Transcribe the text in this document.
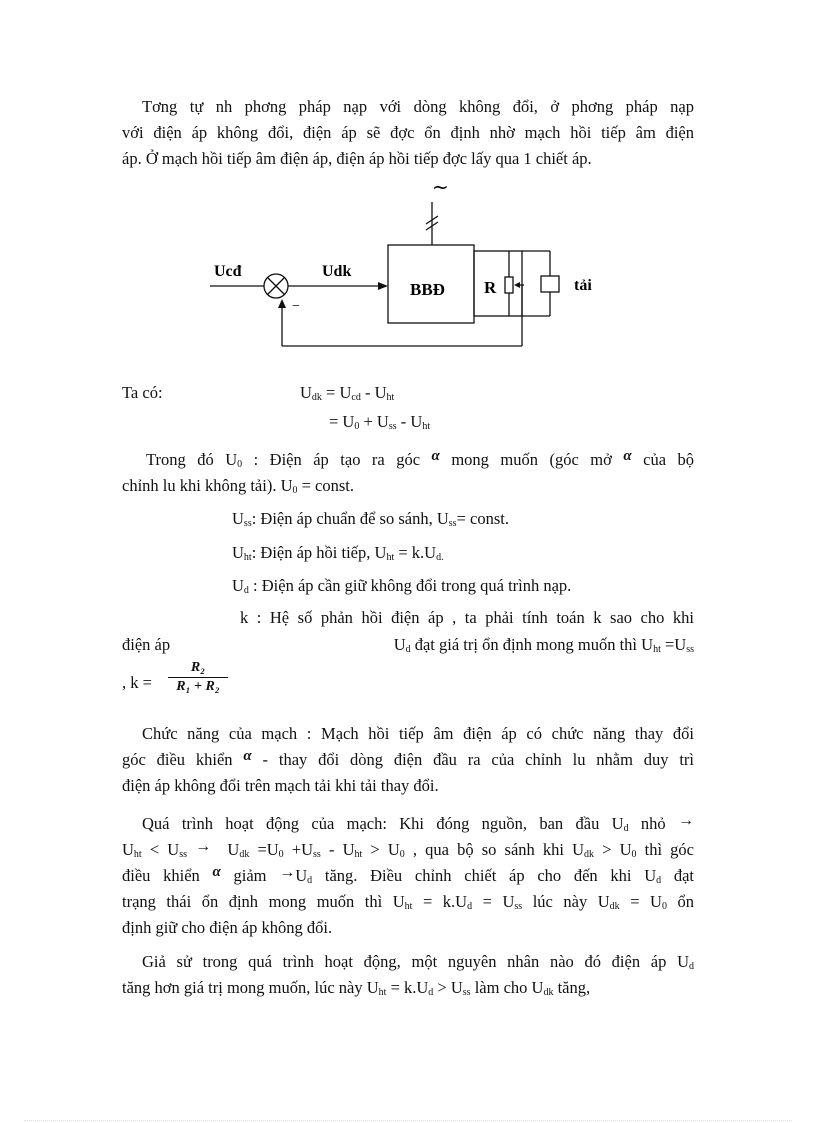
Tơng tự nh phơng pháp nạp với dòng không đổi, ở phơng pháp nạp
với điện áp không đổi, điện áp sẽ đợc ổn định nhờ mạch hồi tiếp âm điện
áp. Ở mạch hồi tiếp âm điện áp, điện áp hồi tiếp đợc lấy qua 1 chiết áp.
~
Ucđ
−
Udk
BBĐ R	tải
Ta có:	$U_{dk} = U_{cd} - U_{ht}$
= $U_0 + U_{ss} - U_{ht}$
Trong đó $U_0$ : Điện áp tạo ra góc α mong muốn (góc mở α của bộ
chỉnh lu khi không tải). $U_0$ = const.
$U_{ss}$: Điện áp chuẩn để so sánh, $U_{ss}=$ const.
$U_{ht}$: Điện áp hồi tiếp, $U_{ht} = k.U_{d.}$
$U_d$ : Điện áp cần giữ không đổi trong quá trình nạp.
k : Hệ số phản hồi điện áp , ta phải tính toán k sao cho khi
điện áp	$U_d$ đạt giá trị ổn định mong muốn thì $U_{ht} =U_{ss}$
, $k = \frac{\text{R₂}}{\text{R₁ + R₂}}$
Chức năng của mạch : Mạch hồi tiếp âm điện áp có chức năng thay đổi
góc điều khiển α - thay đổi dòng điện đầu ra của chỉnh lu nhằm duy trì
điện áp không đổi trên mạch tải khi tải thay đổi.
Quá trình hoạt động của mạch: Khi đóng nguồn, ban đầu $U_d$ nhỏ →
$U_{ht} < U_{ss} \to U_{dk} =U_0 +U_{ss} - U_{ht} > U_0$ , qua bộ so sánh khi $U_{dk} > U_0$ thì góc
điều khiển α giảm $\to U_d$ tăng. Điều chỉnh chiết áp cho đến khi $U_d$ đạt
trạng thái ổn định mong muốn thì $U_{ht} = k.U_d = U_{ss}$ lúc này $U_{dk} = U_0$ ổn
định giữ cho điện áp không đổi.
Giả sử trong quá trình hoạt động, một nguyên nhân nào đó điện áp $U_d$
tăng hơn giá trị mong muốn, lúc này $U_{ht} = k.U_d > U_{ss}$ làm cho $U_{dk}$ tăng,
